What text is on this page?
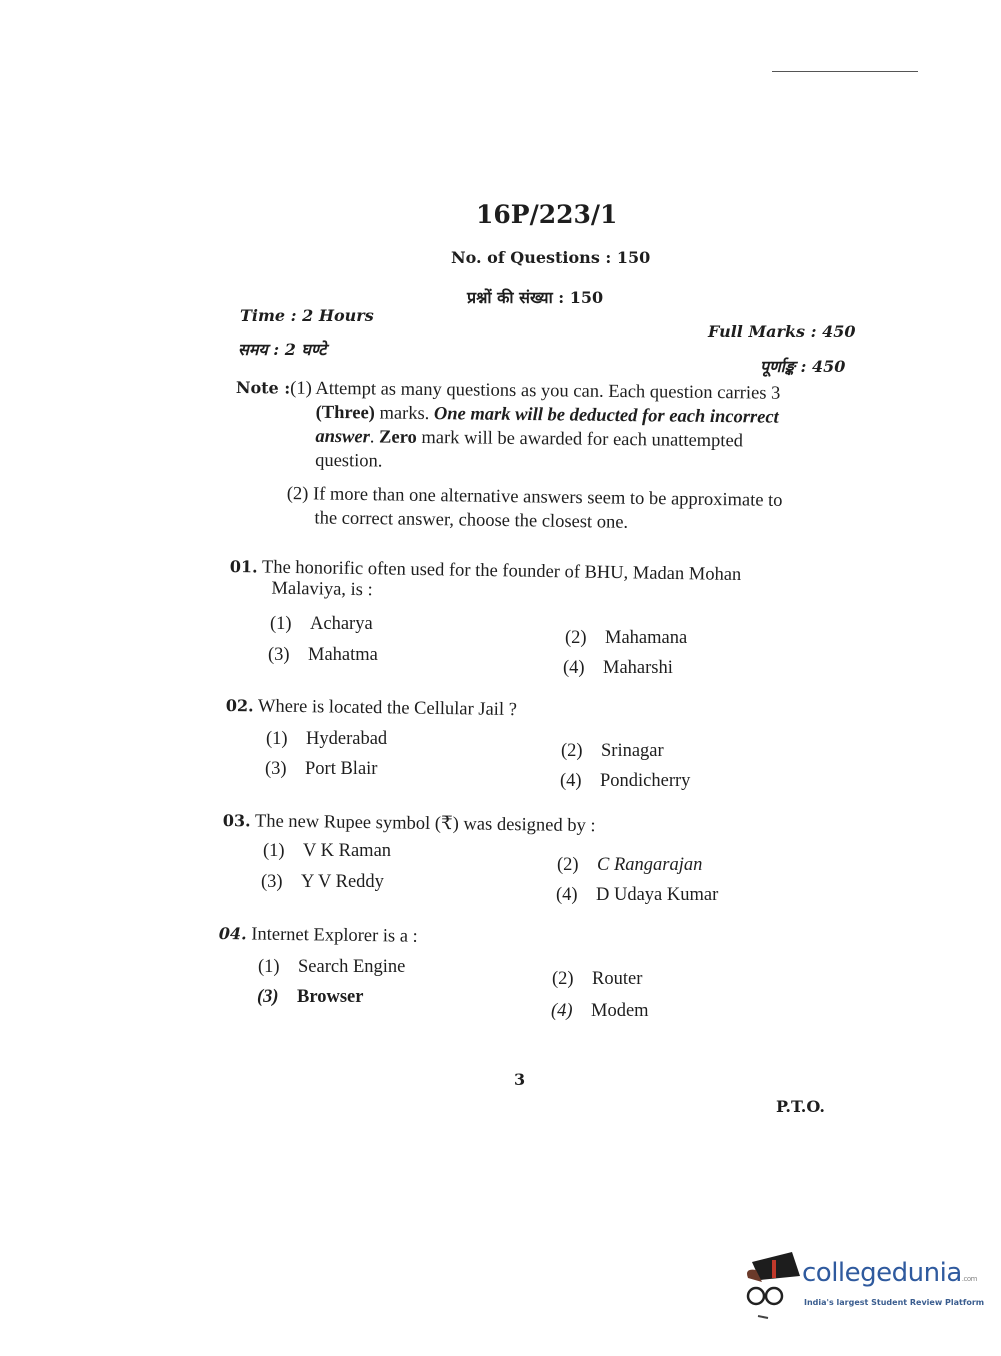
16P/223/1
No. of Questions : 150
प्रश्नों की संख्या : 150
Time : 2 Hours
समय : 2 घण्टे
Full Marks : 450
पूर्णाङ्क : 450
Note :(1) Attempt as many questions as you can. Each question carries 3
(Three) marks. One mark will be deducted for each incorrect
answer. Zero mark will be awarded for each unattempted
question.
(2) If more than one alternative answers seem to be approximate to
the correct answer, choose the closest one.
01. The honorific often used for the founder of BHU, Madan Mohan
Malaviya, is :
(1) Acharya
(2) Mahamana
(3) Mahatma
(4) Maharshi
02. Where is located the Cellular Jail ?
(1) Hyderabad
(2) Srinagar
(3) Port Blair
(4) Pondicherry
03. The new Rupee symbol (₹) was designed by :
(1) V K Raman
(2) C Rangarajan
(3) Y V Reddy
(4) D Udaya Kumar
04. Internet Explorer is a :
(1) Search Engine
(2) Router
(3) Browser
(4) Modem
3
P.T.O.
collegedunia.com
India's largest Student Review Platform
